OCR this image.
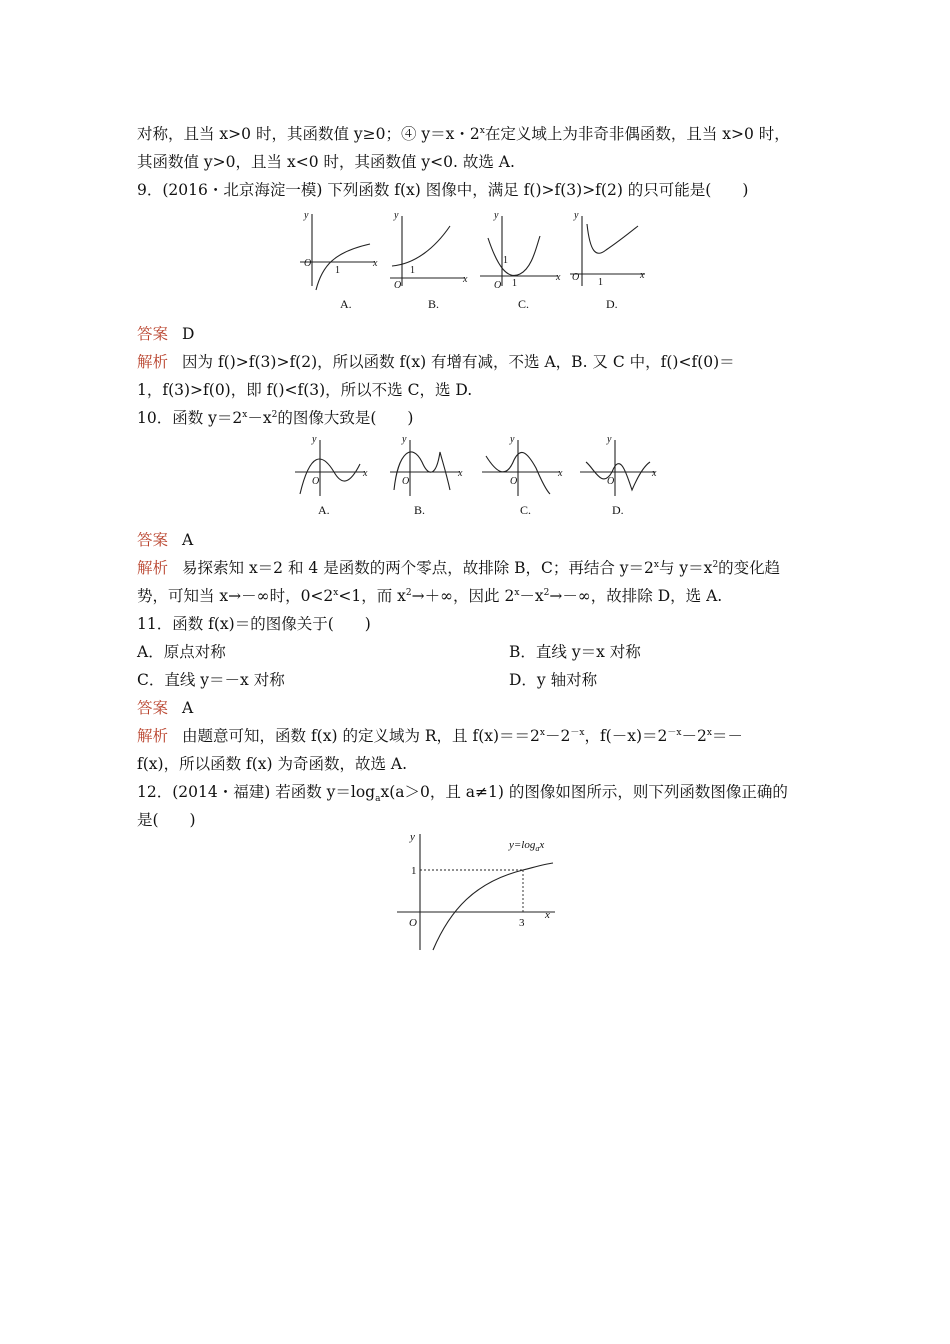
对称，且当 x>0 时，其函数值 y≥0；④ y＝x・2$^x$在定义域上为非奇非偶函数，且当 x>0 时，
其函数值 y>0，且当 x<0 时，其函数值 y<0. 故选 A.
9．(2016・北京海淀一模) 下列函数 f(x) 图像中，满足 f()>f(3)>f(2) 的只可能是(　　)
y
x
O
y
x
O
y
x
O
y
x
O
1	1
1
1	1
A.	B.	C.	D.
答案 D
解析 因为 f()>f(3)>f(2)，所以函数 f(x) 有增有减，不选 A，B. 又 C 中，f()<f(0)＝
1，f(3)>f(0)，即 f()<f(3)，所以不选 C，选 D.
10．函数 $y=2^x-x^2$的图像大致是(　　)
y
x
O
y
x
O
y
x
O
y
x
O
A.	B.	C.	D.
答案 A
解析 易探索知 x＝2 和 4 是函数的两个零点，故排除 B，C；再结合 $y=2^x$与 $y=x^2$的变化趋
势，可知当 x→－∞时，$0<2^x<1$，而 $x^2\to+\infty$，因此 $2^x-x^2\to-\infty$，故排除 D，选 A.
11．函数 f(x)＝的图像关于(　　)
A．原点对称	B．直线 y＝x 对称
C．直线 y＝－x 对称	D．y 轴对称
答案 A
解析 由题意可知，函数 f(x) 的定义域为 R，且 $f(x)==2^x-2^{-x}$，$f(-x)=2^{-x}-2^x=-$
f(x)，所以函数 f(x) 为奇函数，故选 A.
12．(2014・福建) 若函数 $y=\log_ax(a>0$，且 a≠1) 的图像如图所示，则下列函数图像正确的
是(　　)
y
x
O
1
3
$y=\log_ax$
